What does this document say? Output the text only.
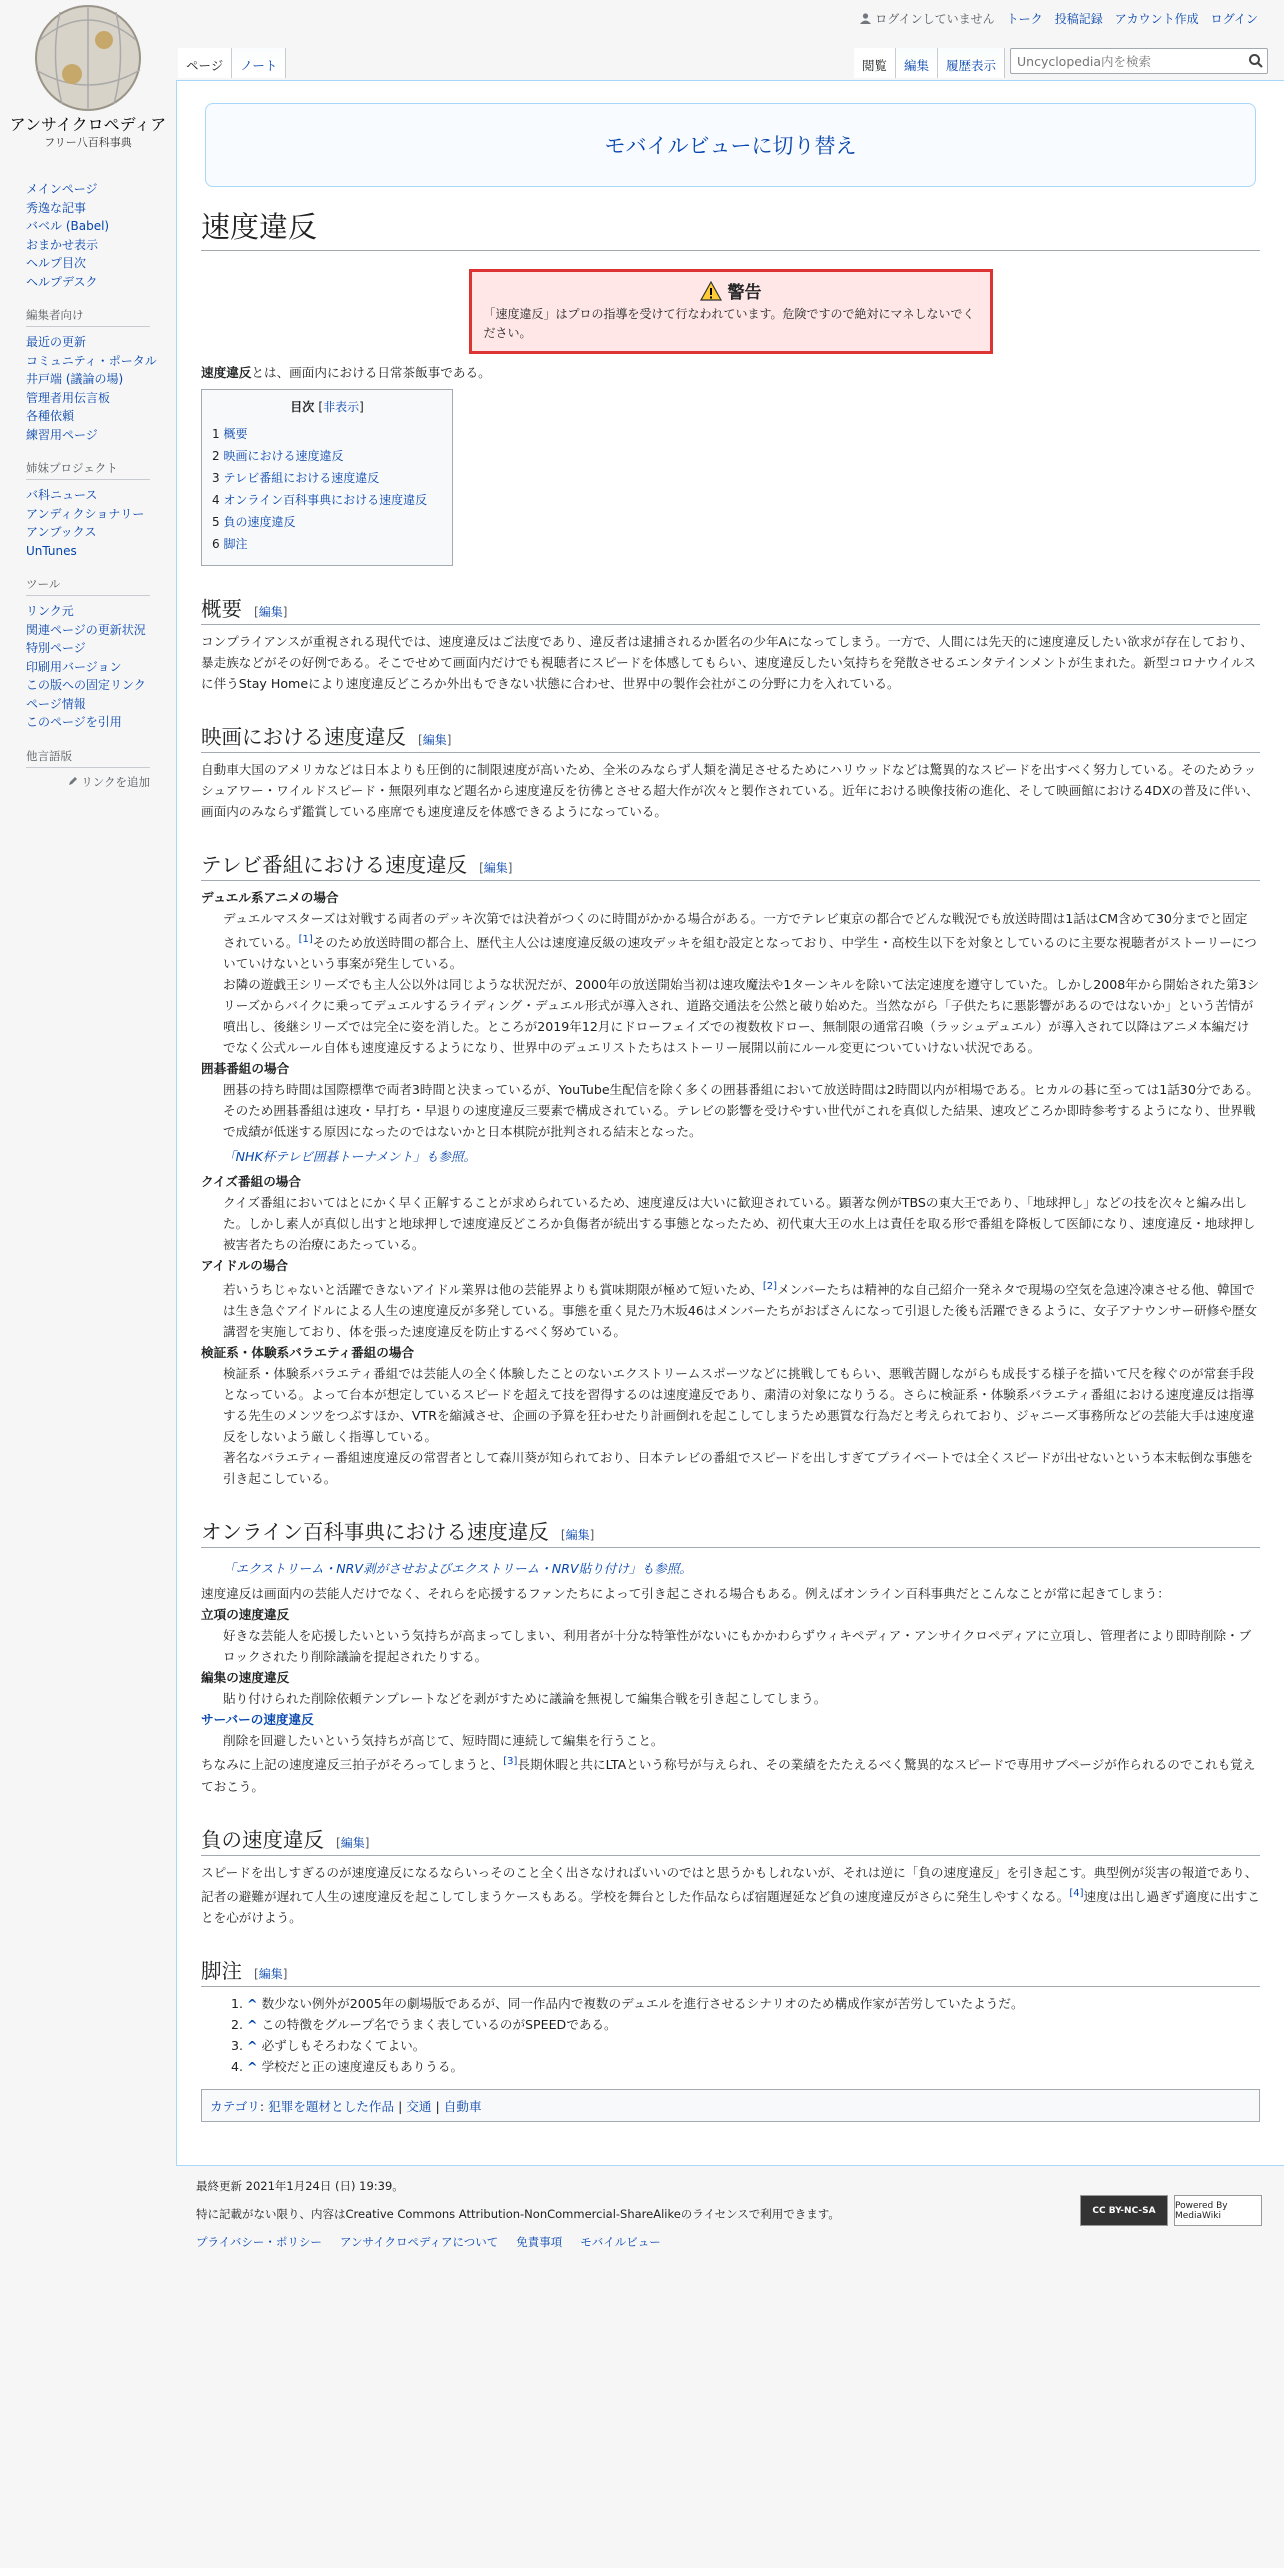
アンサイクロペディア
フリー八百科事典
ログインしていません トーク 投稿記録 アカウント作成 ログイン
ページ	ノート	閲覧	編集	履歴表示
Uncyclopedia内を検索
メインページ
秀逸な記事
バベル (Babel)
おまかせ表示
ヘルプ目次
ヘルプデスク
編集者向け
最近の更新
コミュニティ・ポータル
井戸端 (議論の場)
管理者用伝言板
各種依頼
練習用ページ
姉妹プロジェクト
バ科ニュース
アンディクショナリー
アンブックス
UnTunes
ツール
リンク元
関連ページの更新状況
特別ページ
印刷用バージョン
この版への固定リンク
ページ情報
このページを引用
他言語版
リンクを追加
モバイルビューに切り替え
速度違反
警告
「速度違反」はプロの指導を受けて行なわれています。危険ですので絶対にマネしないでください。

速度違反とは、画面内における日常茶飯事である。

目次 [非表示]
1 概要
2 映画における速度違反
3 テレビ番組における速度違反
4 オンライン百科事典における速度違反
5 負の速度違反
6 脚注
概要 [編集]

コンプライアンスが重視される現代では、速度違反はご法度であり、違反者は逮捕されるか匿名の少年Aになってしまう。一方で、人間には先天的に速度違反したい欲求が存在しており、暴走族などがその好例である。そこでせめて画面内だけでも視聴者にスピードを体感してもらい、速度違反したい気持ちを発散させるエンタテインメントが生まれた。新型コロナウイルスに伴うStay Homeにより速度違反どころか外出もできない状態に合わせ、世界中の製作会社がこの分野に力を入れている。

映画における速度違反 [編集]

自動車大国のアメリカなどは日本よりも圧倒的に制限速度が高いため、全米のみならず人類を満足させるためにハリウッドなどは驚異的なスピードを出すべく努力している。そのためラッシュアワー・ワイルドスピード・無限列車など題名から速度違反を彷彿とさせる超大作が次々と製作されている。近年における映像技術の進化、そして映画館における4DXの普及に伴い、画面内のみならず鑑賞している座席でも速度違反を体感できるようになっている。

テレビ番組における速度違反 [編集]
デュエル系アニメの場合
デュエルマスターズは対戦する両者のデッキ次第では決着がつくのに時間がかかる場合がある。一方でテレビ東京の都合でどんな戦況でも放送時間は1話はCM含めて30分までと固定されている。[1]そのため放送時間の都合上、歴代主人公は速度違反級の速攻デッキを組む設定となっており、中学生・高校生以下を対象としているのに主要な視聴者がストーリーについていけないという事案が発生している。
お隣の遊戯王シリーズでも主人公以外は同じような状況だが、2000年の放送開始当初は速攻魔法や1ターンキルを除いて法定速度を遵守していた。しかし2008年から開始された第3シリーズからバイクに乗ってデュエルするライディング・デュエル形式が導入され、道路交通法を公然と破り始めた。当然ながら「子供たちに悪影響があるのではないか」という苦情が噴出し、後継シリーズでは完全に姿を消した。ところが2019年12月にドローフェイズでの複数枚ドロー、無制限の通常召喚（ラッシュデュエル）が導入されて以降はアニメ本編だけでなく公式ルール自体も速度違反するようになり、世界中のデュエリストたちはストーリー展開以前にルール変更についていけない状況である。
囲碁番組の場合
囲碁の持ち時間は国際標準で両者3時間と決まっているが、YouTube生配信を除く多くの囲碁番組において放送時間は2時間以内が相場である。ヒカルの碁に至っては1話30分である。そのため囲碁番組は速攻・早打ち・早退りの速度違反三要素で構成されている。テレビの影響を受けやすい世代がこれを真似した結果、速攻どころか即時参考するようになり、世界戦で成績が低迷する原因になったのではないかと日本棋院が批判される結末となった。
「NHK杯テレビ囲碁トーナメント」も参照。
クイズ番組の場合
クイズ番組においてはとにかく早く正解することが求められているため、速度違反は大いに歓迎されている。顕著な例がTBSの東大王であり、「地球押し」などの技を次々と編み出した。しかし素人が真似し出すと地球押しで速度違反どころか負傷者が続出する事態となったため、初代東大王の水上は責任を取る形で番組を降板して医師になり、速度違反・地球押し被害者たちの治療にあたっている。
アイドルの場合
若いうちじゃないと活躍できないアイドル業界は他の芸能界よりも賞味期限が極めて短いため、[2]メンバーたちは精神的な自己紹介一発ネタで現場の空気を急速冷凍させる他、韓国では生き急ぐアイドルによる人生の速度違反が多発している。事態を重く見た乃木坂46はメンバーたちがおばさんになって引退した後も活躍できるように、女子アナウンサー研修や歴女講習を実施しており、体を張った速度違反を防止するべく努めている。
検証系・体験系バラエティ番組の場合
検証系・体験系バラエティ番組では芸能人の全く体験したことのないエクストリームスポーツなどに挑戦してもらい、悪戦苦闘しながらも成長する様子を描いて尺を稼ぐのが常套手段となっている。よって台本が想定しているスピードを超えて技を習得するのは速度違反であり、粛清の対象になりうる。さらに検証系・体験系バラエティ番組における速度違反は指導する先生のメンツをつぶすほか、VTRを縮減させ、企画の予算を狂わせたり計画倒れを起こしてしまうため悪質な行為だと考えられており、ジャニーズ事務所などの芸能大手は速度違反をしないよう厳しく指導している。
著名なバラエティー番組速度違反の常習者として森川葵が知られており、日本テレビの番組でスピードを出しすぎてプライベートでは全くスピードが出せないという本末転倒な事態を引き起こしている。
オンライン百科事典における速度違反 [編集]
「エクストリーム・NRV剥がさせおよびエクストリーム・NRV貼り付け」も参照。

速度違反は画面内の芸能人だけでなく、それらを応援するファンたちによって引き起こされる場合もある。例えばオンライン百科事典だとこんなことが常に起きてしまう：

立項の速度違反
好きな芸能人を応援したいという気持ちが高まってしまい、利用者が十分な特筆性がないにもかかわらずウィキペディア・アンサイクロペディアに立項し、管理者により即時削除・ブロックされたり削除議論を提起されたりする。
編集の速度違反
貼り付けられた削除依頼テンプレートなどを剥がすために議論を無視して編集合戦を引き起こしてしまう。
サーバーの速度違反
削除を回避したいという気持ちが高じて、短時間に連続して編集を行うこと。

ちなみに上記の速度違反三拍子がそろってしまうと、[3]長期休暇と共にLTAという称号が与えられ、その業績をたたえるべく驚異的なスピードで専用サブページが作られるのでこれも覚えておこう。

負の速度違反 [編集]

スピードを出しすぎるのが速度違反になるならいっそのこと全く出さなければいいのではと思うかもしれないが、それは逆に「負の速度違反」を引き起こす。典型例が災害の報道であり、記者の避難が遅れて人生の速度違反を起こしてしまうケースもある。学校を舞台とした作品ならば宿題遅延など負の速度違反がさらに発生しやすくなる。[4]速度は出し過ぎず適度に出すことを心がけよう。

脚注 [編集]
1. ^ 数少ない例外が2005年の劇場版であるが、同一作品内で複数のデュエルを進行させるシナリオのため構成作家が苦労していたようだ。
2. ^ この特徴をグループ名でうまく表しているのがSPEEDである。
3. ^ 必ずしもそろわなくてよい。
4. ^ 学校だと正の速度違反もありうる。
カテゴリ: 犯罪を題材とした作品 | 交通 | 自動車
最終更新 2021年1月24日 (日) 19:39。
特に記載がない限り、内容はCreative Commons Attribution-NonCommercial-ShareAlikeのライセンスで利用できます。
プライバシー・ポリシー アンサイクロペディアについて 免責事項 モバイルビュー
CC BY-NC-SA	Powered By MediaWiki
